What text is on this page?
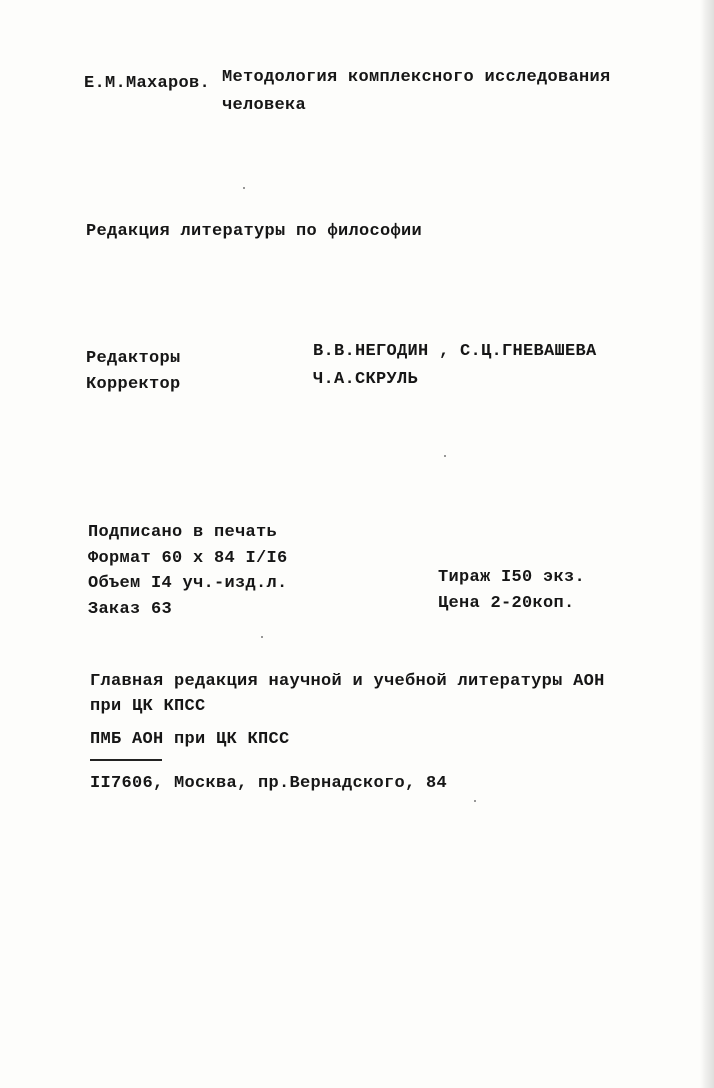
Е.М.Махаров. Методология комплексного исследования
человека
Редакция литературы по философии
Редакторы	В.В.НЕГОДИН , С.Ц.ГНЕВАШЕВА
Корректор	Ч.А.СКРУЛЬ
Подписано в печать
Формат 60 x 84 I/I6
Объем I4 уч.-изд.л.
Заказ 63
Тираж I50 экз.
Цена 2-20коп.
Главная редакция научной и учебной литературы АОН
при ЦК КПСС
ПМБ АОН при ЦК КПСС
II7606, Москва, пр.Вернадского, 84
